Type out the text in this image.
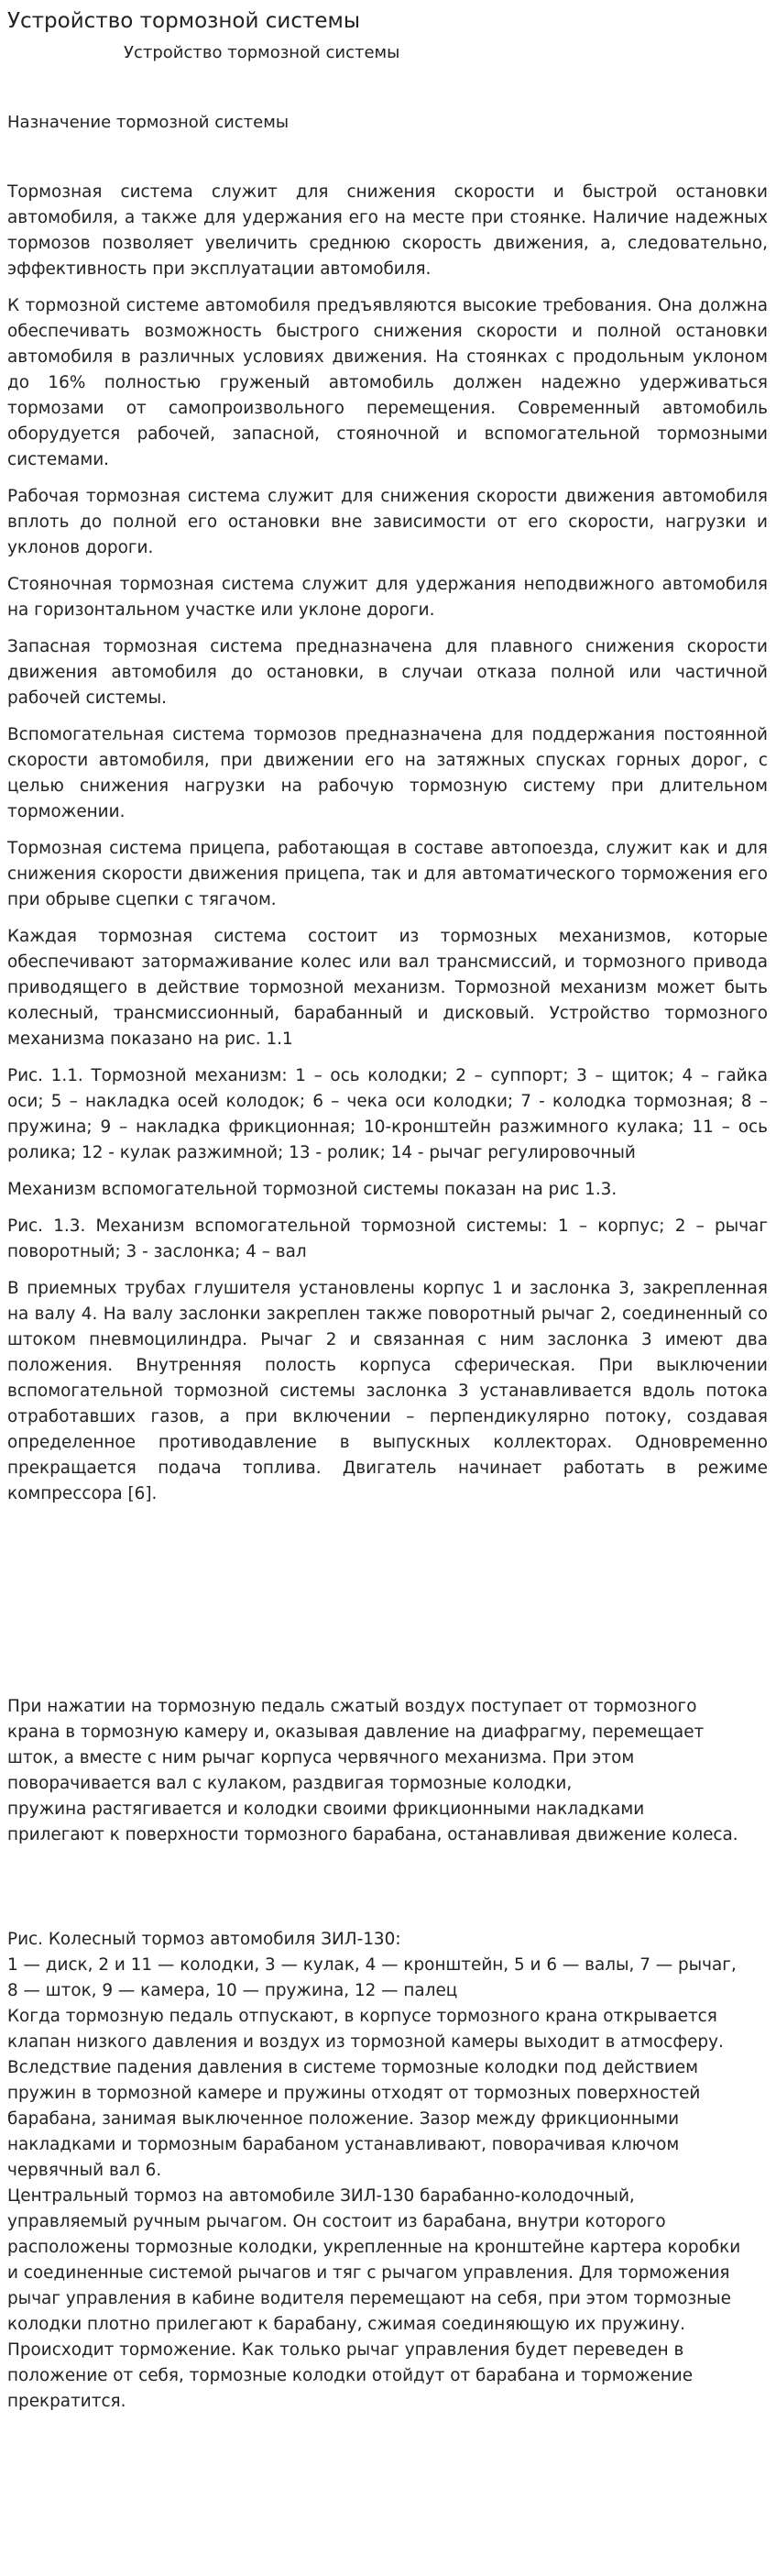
Устройство тормозной системы
Устройство тормозной системы
Назначение тормозной системы

Тормозная система служит для снижения скорости и быстрой остановки автомобиля, а также для удержания его на месте при стоянке. Наличие надежных тормозов позволяет увеличить среднюю скорость движения, а, следовательно, эффективность при эксплуатации автомобиля.

К тормозной системе автомобиля предъявляются высокие требования. Она должна обеспечивать возможность быстрого снижения скорости и полной остановки автомобиля в различных условиях движения. На стоянках с продольным уклоном до 16% полностью груженый автомобиль должен надежно удерживаться тормозами от самопроизвольного перемещения. Современный автомобиль оборудуется рабочей, запасной, стояночной и вспомогательной тормозными системами.

Рабочая тормозная система служит для снижения скорости движения автомобиля вплоть до полной его остановки вне зависимости от его скорости, нагрузки и уклонов дороги.

Стояночная тормозная система служит для удержания неподвижного автомобиля на горизонтальном участке или уклоне дороги.

Запасная тормозная система предназначена для плавного снижения скорости движения автомобиля до остановки, в случаи отказа полной или частичной рабочей системы.

Вспомогательная система тормозов предназначена для поддержания постоянной скорости автомобиля, при движении его на затяжных спусках горных дорог, с целью снижения нагрузки на рабочую тормозную систему при длительном торможении.

Тормозная система прицепа, работающая в составе автопоезда, служит как и для снижения скорости движения прицепа, так и для автоматического торможения его при обрыве сцепки с тягачом.

Каждая тормозная система состоит из тормозных механизмов, которые обеспечивают затормаживание колес или вал трансмиссий, и тормозного привода приводящего в действие тормозной механизм. Тормозной механизм может быть колесный, трансмиссионный, барабанный и дисковый. Устройство тормозного механизма показано на рис. 1.1

Рис. 1.1. Тормозной механизм: 1 – ось колодки; 2 – суппорт; 3 – щиток; 4 – гайка оси; 5 – накладка осей колодок; 6 – чека оси колодки; 7 - колодка тормозная; 8 – пружина; 9 – накладка фрикционная; 10-кронштейн разжимного кулака; 11 – ось ролика; 12 - кулак разжимной; 13 - ролик; 14 - рычаг регулировочный

Механизм вспомогательной тормозной системы показан на рис 1.3.

Рис. 1.3. Механизм вспомогательной тормозной системы: 1 – корпус; 2 – рычаг поворотный; 3 - заслонка; 4 – вал

В приемных трубах глушителя установлены корпус 1 и заслонка 3, закрепленная на валу 4. На валу заслонки закреплен также поворотный рычаг 2, соединенный со штоком пневмоцилиндра. Рычаг 2 и связанная с ним заслонка 3 имеют два положения. Внутренняя полость корпуса сферическая. При выключении вспомогательной тормозной системы заслонка 3 устанавливается вдоль потока отработавших газов, а при включении – перпендикулярно потоку, создавая определенное противодавление в выпускных коллекторах. Одновременно прекращается подача топлива. Двигатель начинает работать в режиме компрессора [6].

При нажатии на тормозную педаль сжатый воздух поступает от тормозного

крана в тормозную камеру и, оказывая давление на диафрагму, перемещает

шток, а вместе с ним рычаг корпуса червячного механизма. При этом

поворачивается вал с кулаком, раздвигая тормозные колодки,

пружина растягивается и колодки своими фрикционными накладками

прилегают к поверхности тормозного барабана, останавливая движение колеса.

Рис. Колесный тормоз автомобиля ЗИЛ-130:

1 — диск, 2 и 11 — колодки, 3 — кулак, 4 — кронштейн, 5 и 6 — валы, 7 — рычаг,

8 — шток, 9 — камера, 10 — пружина, 12 — палец

Когда тормозную педаль отпускают, в корпусе тормозного крана открывается

клапан низкого давления и воздух из тормозной камеры выходит в атмосферу.

Вследствие падения давления в системе тормозные колодки под действием

пружин в тормозной камере и пружины отходят от тормозных поверхностей

барабана, занимая выключенное положение. Зазор между фрикционными

накладками и тормозным барабаном устанавливают, поворачивая ключом

червячный вал 6.

Центральный тормоз на автомобиле ЗИЛ-130 барабанно-колодочный,

управляемый ручным рычагом. Он состоит из барабана, внутри которого

расположены тормозные колодки, укрепленные на кронштейне картера коробки

и соединенные системой рычагов и тяг с рычагом управления. Для торможения

рычаг управления в кабине водителя перемещают на себя, при этом тормозные

колодки плотно прилегают к барабану, сжимая соединяющую их пружину.

Происходит торможение. Как только рычаг управления будет переведен в

положение от себя, тормозные колодки отойдут от барабана и торможение

прекратится.
